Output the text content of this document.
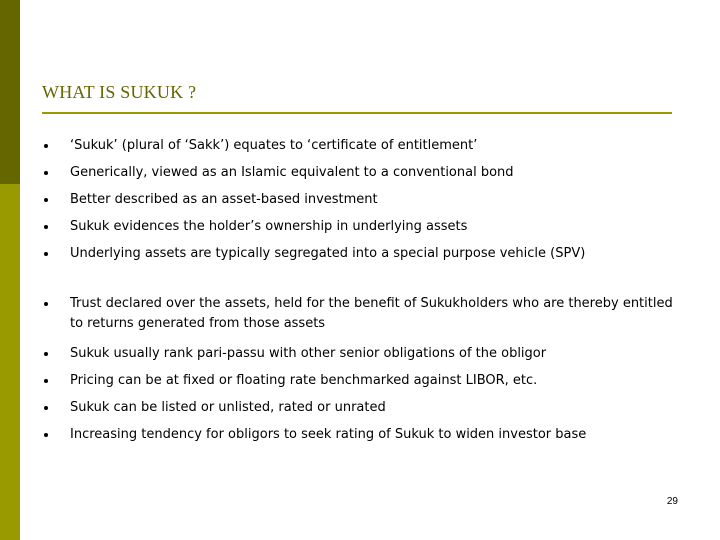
WHAT IS SUKUK ?
‘Sukuk’ (plural of ‘Sakk’) equates to ‘certificate of entitlement’
Generically, viewed as an Islamic equivalent to a conventional bond
Better described as an asset-based investment
Sukuk evidences the holder’s ownership in underlying assets
Underlying assets are typically segregated into a special purpose vehicle (SPV)
Trust declared over the assets, held for the benefit of Sukukholders who are thereby entitled to returns generated from those assets
Sukuk usually rank pari-passu with other senior obligations of the obligor
Pricing can be at fixed or floating rate benchmarked against LIBOR, etc.
Sukuk can be listed or unlisted, rated or unrated
Increasing tendency for obligors to seek rating of Sukuk to widen investor base
29
